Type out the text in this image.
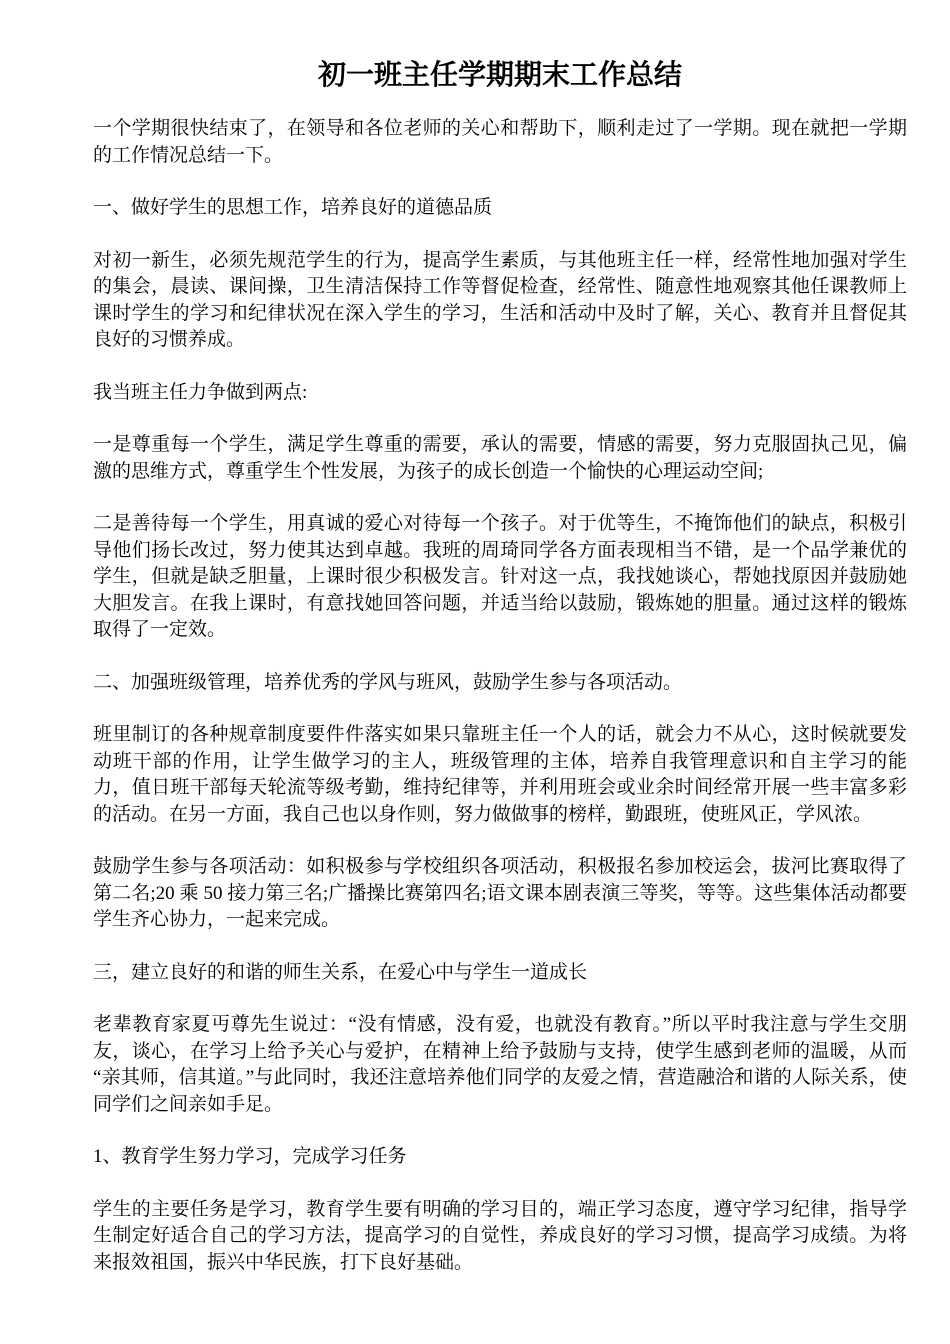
初一班主任学期期末工作总结

一个学期很快结束了，在领导和各位老师的关心和帮助下，顺利走过了一学期。现在就把一学期的工作情况总结一下。

一、做好学生的思想工作，培养良好的道德品质

对初一新生，必须先规范学生的行为，提高学生素质，与其他班主任一样，经常性地加强对学生的集会，晨读、课间操，卫生清洁保持工作等督促检查，经常性、随意性地观察其他任课教师上课时学生的学习和纪律状况在深入学生的学习，生活和活动中及时了解，关心、教育并且督促其良好的习惯养成。

我当班主任力争做到两点:

一是尊重每一个学生，满足学生尊重的需要，承认的需要，情感的需要，努力克服固执己见，偏激的思维方式，尊重学生个性发展，为孩子的成长创造一个愉快的心理运动空间;

二是善待每一个学生，用真诚的爱心对待每一个孩子。对于优等生，不掩饰他们的缺点，积极引导他们扬长改过，努力使其达到卓越。我班的周琦同学各方面表现相当不错，是一个品学兼优的学生，但就是缺乏胆量，上课时很少积极发言。针对这一点，我找她谈心，帮她找原因并鼓励她大胆发言。在我上课时，有意找她回答问题，并适当给以鼓励，锻炼她的胆量。通过这样的锻炼取得了一定效。

二、加强班级管理，培养优秀的学风与班风，鼓励学生参与各项活动。

班里制订的各种规章制度要件件落实如果只靠班主任一个人的话，就会力不从心，这时候就要发动班干部的作用，让学生做学习的主人，班级管理的主体，培养自我管理意识和自主学习的能力，值日班干部每天轮流等级考勤，维持纪律等，并利用班会或业余时间经常开展一些丰富多彩的活动。在另一方面，我自己也以身作则，努力做做事的榜样，勤跟班，使班风正，学风浓。

鼓励学生参与各项活动：如积极参与学校组织各项活动，积极报名参加校运会，拔河比赛取得了第二名;20 乘 50 接力第三名;广播操比赛第四名;语文课本剧表演三等奖，等等。这些集体活动都要学生齐心协力，一起来完成。

三，建立良好的和谐的师生关系，在爱心中与学生一道成长

老辈教育家夏丏尊先生说过：“没有情感，没有爱，也就没有教育。”所以平时我注意与学生交朋友，谈心，在学习上给予关心与爱护，在精神上给予鼓励与支持，使学生感到老师的温暖，从而“亲其师，信其道。”与此同时，我还注意培养他们同学的友爱之情，营造融洽和谐的人际关系，使同学们之间亲如手足。

1、教育学生努力学习，完成学习任务

学生的主要任务是学习，教育学生要有明确的学习目的，端正学习态度，遵守学习纪律，指导学生制定好适合自己的学习方法，提高学习的自觉性，养成良好的学习习惯，提高学习成绩。为将来报效祖国，振兴中华民族，打下良好基础。
